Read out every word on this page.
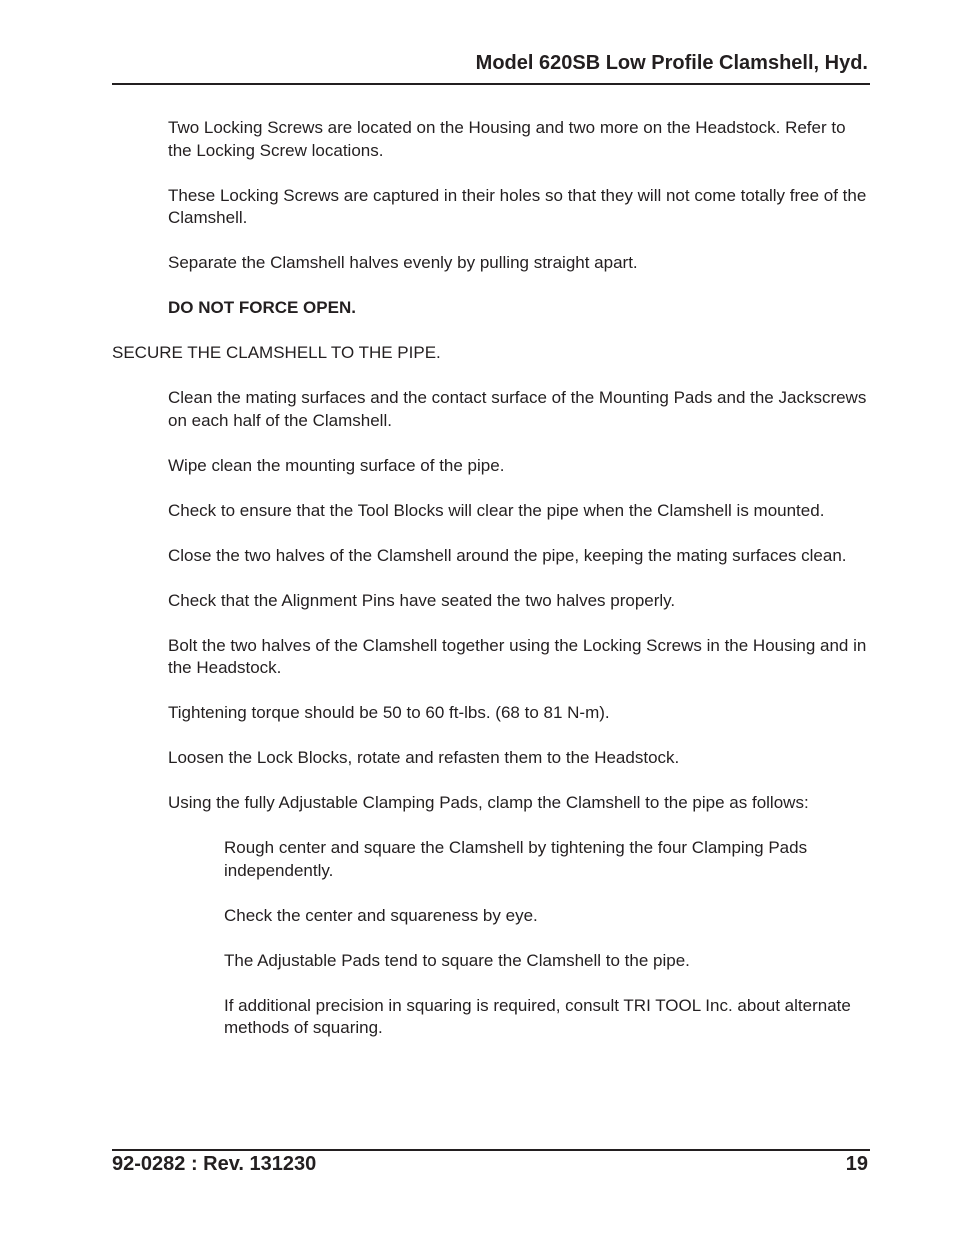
Model 620SB Low Profile Clamshell, Hyd.

Two Locking Screws are located on the Housing and two more on the Headstock. Refer to the Locking Screw locations.

These Locking Screws are captured in their holes so that they will not come totally free of the Clamshell.

Separate the Clamshell halves evenly by pulling straight apart.

DO NOT FORCE OPEN.

SECURE THE CLAMSHELL TO THE PIPE.

Clean the mating surfaces and the contact surface of the Mounting Pads and the Jackscrews on each half of the Clamshell.

Wipe clean the mounting surface of the pipe.

Check to ensure that the Tool Blocks will clear the pipe when the Clamshell is mounted.

Close the two halves of the Clamshell around the pipe, keeping the mating surfaces clean.

Check that the Alignment Pins have seated the two halves properly.

Bolt the two halves of the Clamshell together using the Locking Screws in the Housing and in the Headstock.

Tightening torque should be 50 to 60 ft-lbs. (68 to 81 N-m).

Loosen the Lock Blocks, rotate and refasten them to the Headstock.

Using the fully Adjustable Clamping Pads, clamp the Clamshell to the pipe as follows:

Rough center and square the Clamshell by tightening the four Clamping Pads independently.

Check the center and squareness by eye.

The Adjustable Pads tend to square the Clamshell to the pipe.

If additional precision in squaring is required, consult TRI TOOL Inc. about alternate methods of squaring.

92-0282 : Rev. 131230	19
